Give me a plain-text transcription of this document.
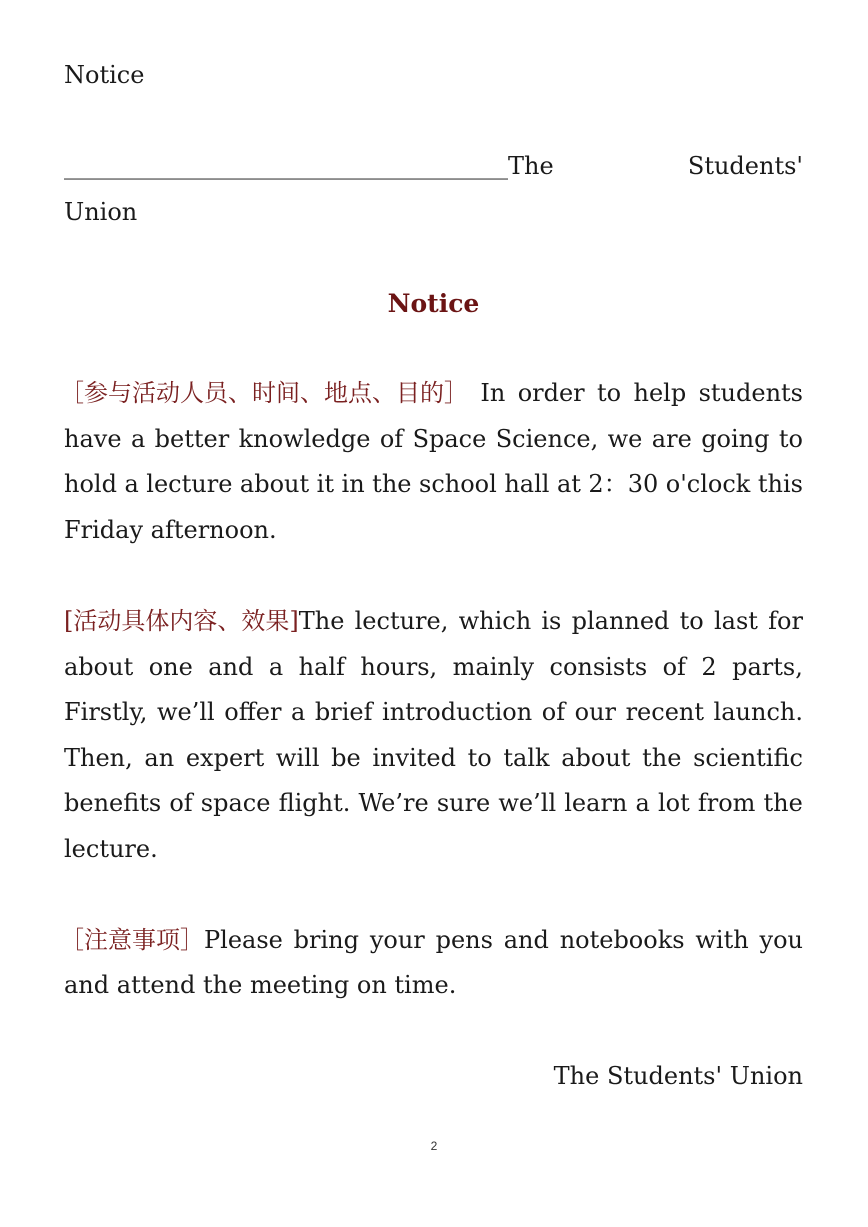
Notice
_____________________________________The	Students'
Union
Notice
［参与活动人员、时间、地点、目的］ In order to help students
have a better knowledge of Space Science, we are going to
hold a lecture about it in the school hall at 2：30 o'clock this
Friday afternoon.
[活动具体内容、效果]The lecture, which is planned to last for
about one and a half hours, mainly consists of 2 parts,
Firstly, we’ll offer a brief introduction of our recent launch.
Then, an expert will be invited to talk about the scientific
benefits of space flight. We’re sure we’ll learn a lot from the
lecture.
［注意事项］Please bring your pens and notebooks with you
and attend the meeting on time.
The Students' Union
2
